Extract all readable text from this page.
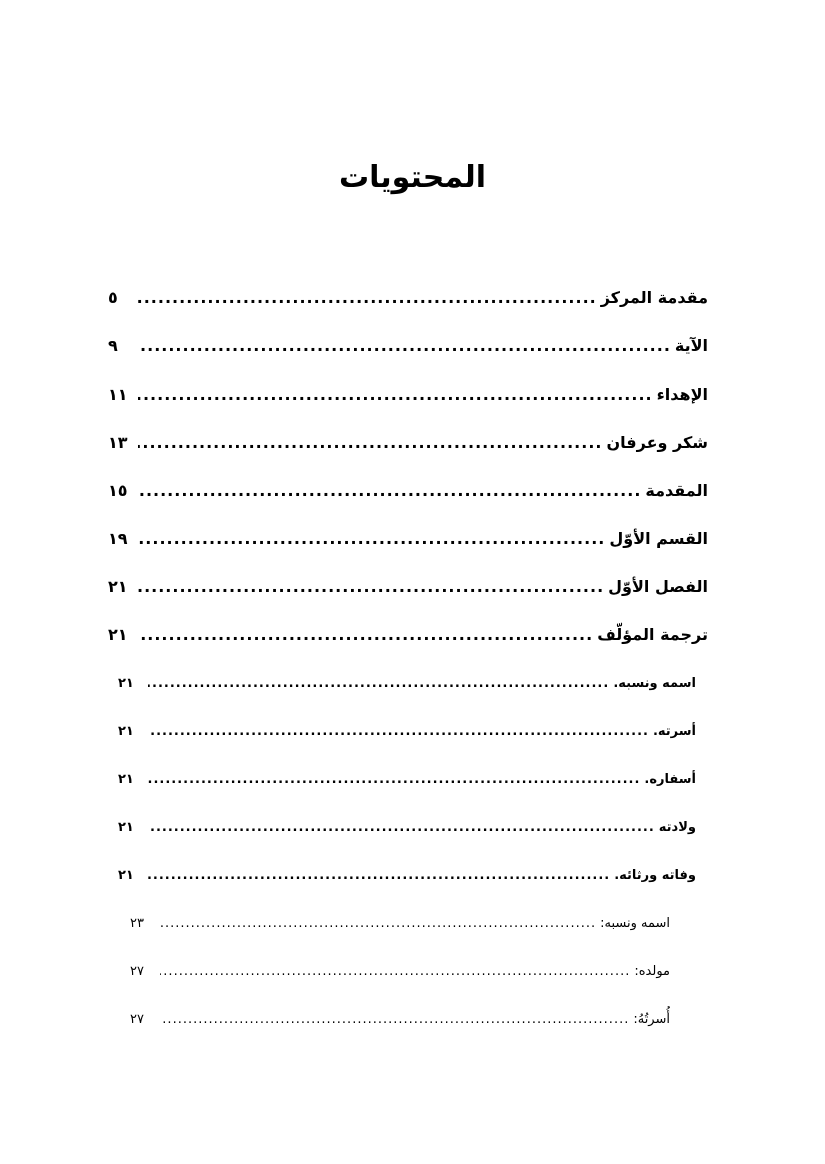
المحتويات
مقدمة المركز
.....
٥
الآية
.....
٩
الإهداء
.....
١١
شكر وعرفان
.....
١٣
المقدمة
.....
١٥
القسم الأوّل
.....
١٩
الفصل الأوّل
.....
٢١
ترجمة المؤلّف
.....
٢١
اسمه ونسبه.
.....
٢١
أسرته.
.....
٢١
أسفاره.
.....
٢١
ولادته
.....
٢١
وفاته ورثائه.
.....
٢١
اسمه ونسبه:
.....
٢٣
مولده:
.....
٢٧
أُسرتُهُ:
.....
٢٧
